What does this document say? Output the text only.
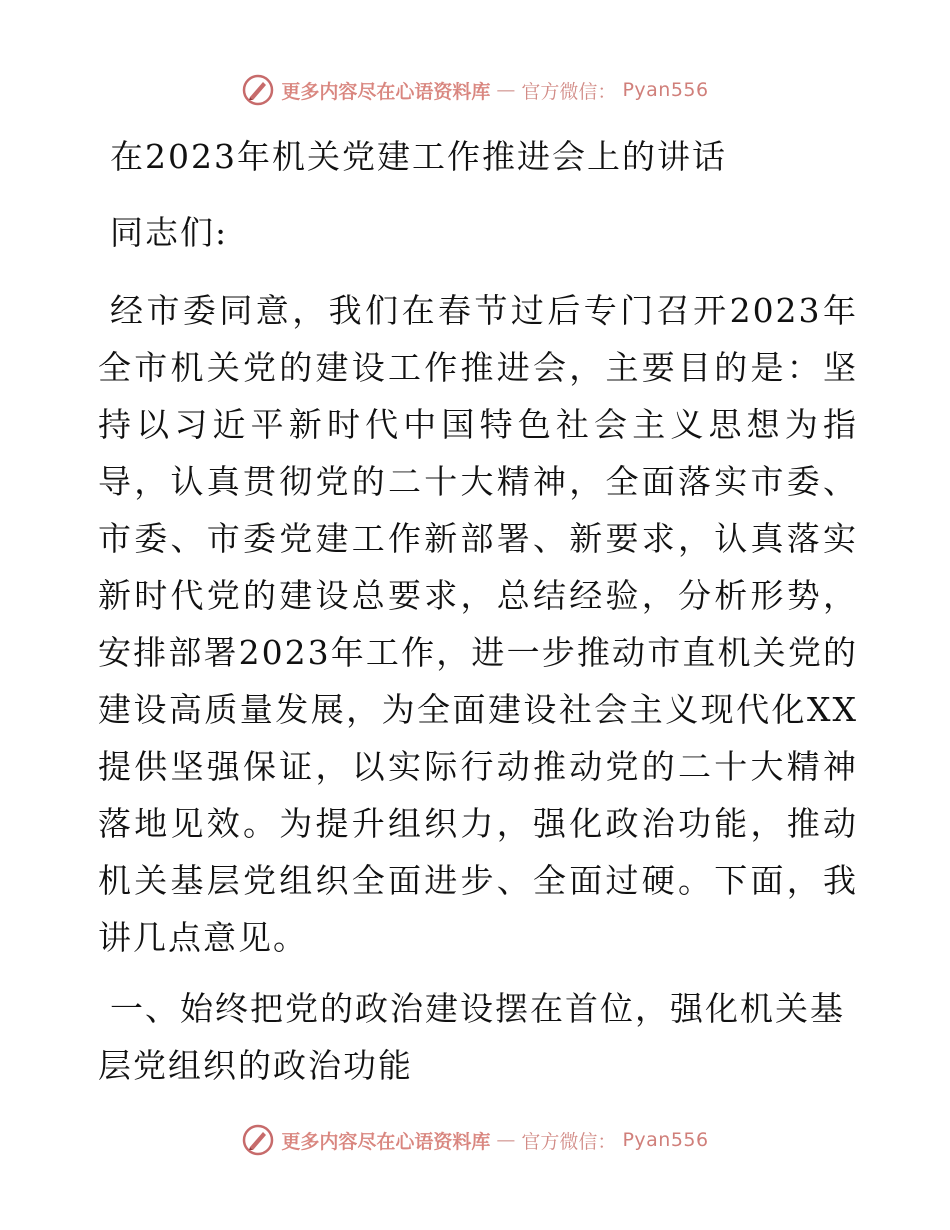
更多内容尽在心语资料库 — 官方微信： Pyan556
在2023年机关党建工作推进会上的讲话
同志们:
经市委同意，我们在春节过后专门召开2023年全市机关党的建设工作推进会，主要目的是：坚持以习近平新时代中国特色社会主义思想为指导，认真贯彻党的二十大精神，全面落实市委、市委、市委党建工作新部署、新要求，认真落实新时代党的建设总要求，总结经验，分析形势，安排部署2023年工作，进一步推动市直机关党的建设高质量发展，为全面建设社会主义现代化XX提供坚强保证，以实际行动推动党的二十大精神落地见效。为提升组织力，强化政治功能，推动机关基层党组织全面进步、全面过硬。下面，我讲几点意见。
一、始终把党的政治建设摆在首位，强化机关基层党组织的政治功能
更多内容尽在心语资料库 — 官方微信： Pyan556
